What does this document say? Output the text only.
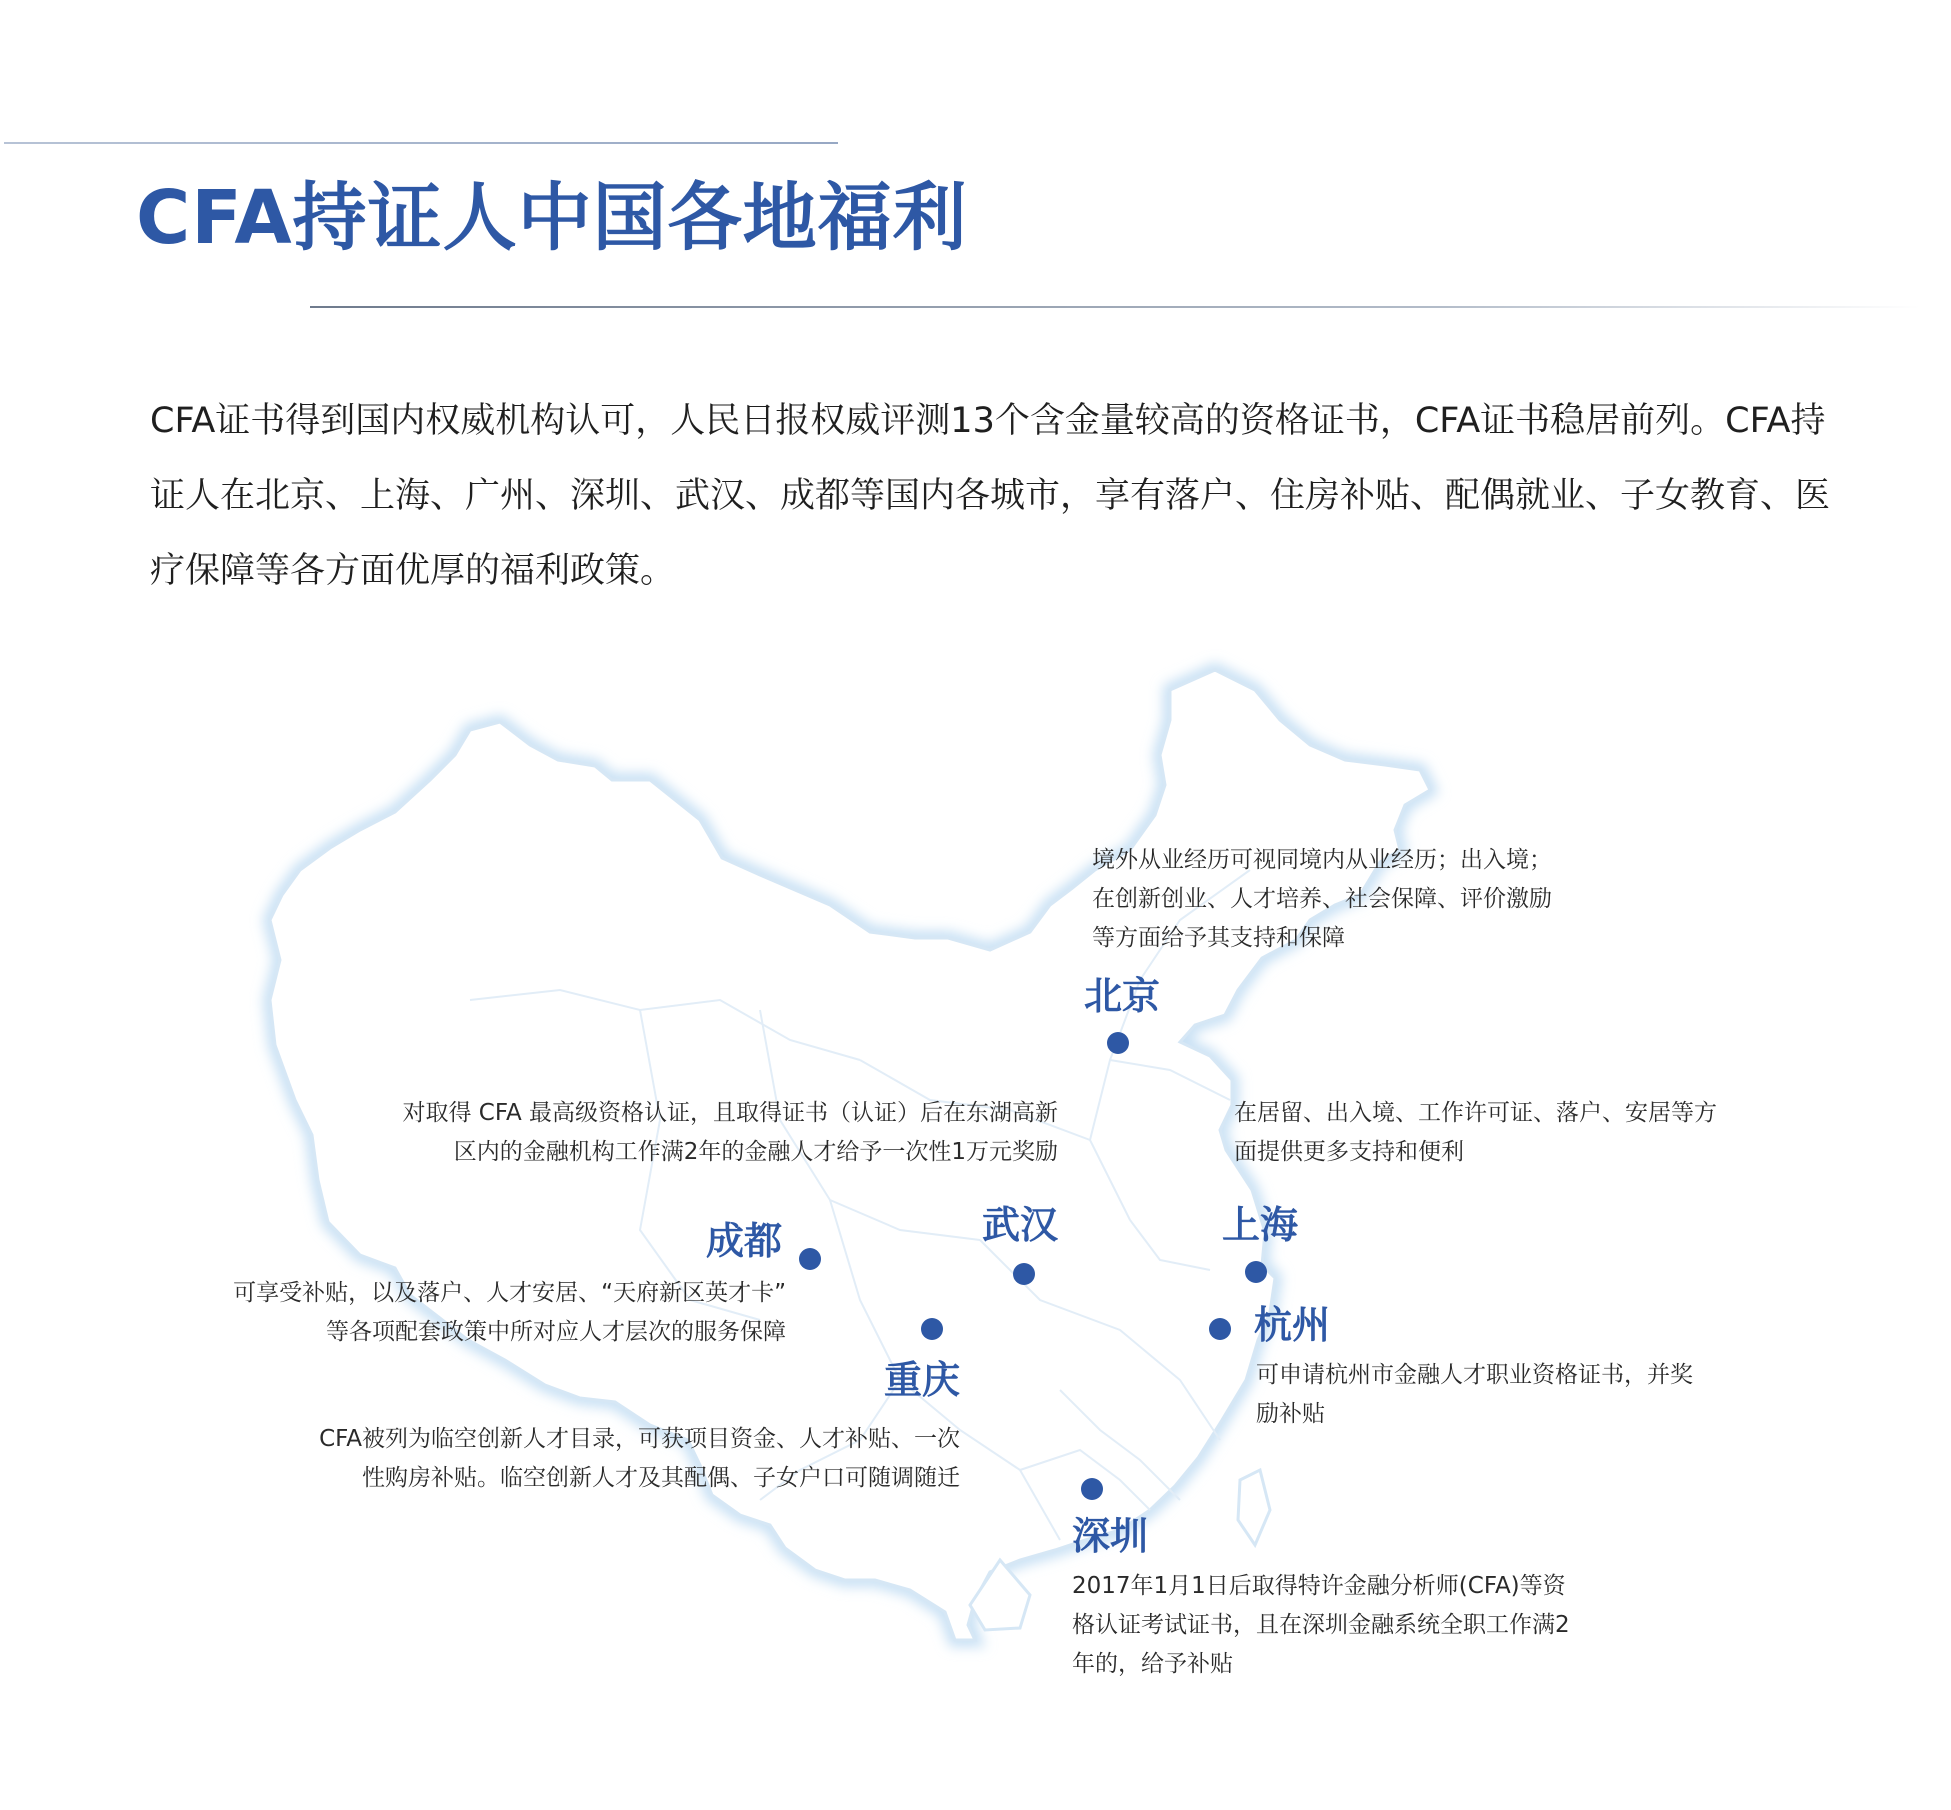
CFA持证人中国各地福利

CFA证书得到国内权威机构认可，人民日报权威评测13个含金量较高的资格证书，CFA证书稳居前列。CFA持证人在北京、上海、广州、深圳、武汉、成都等国内各城市，享有落户、住房补贴、配偶就业、子女教育、医疗保障等各方面优厚的福利政策。

北京
上海
杭州
武汉
成都
重庆
深圳
境外从业经历可视同境内从业经历；出入境；
在创新创业、人才培养、社会保障、评价激励
等方面给予其支持和保障
在居留、出入境、工作许可证、落户、安居等方
面提供更多支持和便利
对取得 CFA 最高级资格认证，且取得证书（认证）后在东湖高新
区内的金融机构工作满2年的金融人才给予一次性1万元奖励
可享受补贴，以及落户、人才安居、“天府新区英才卡”
等各项配套政策中所对应人才层次的服务保障
CFA被列为临空创新人才目录，可获项目资金、人才补贴、一次
性购房补贴。临空创新人才及其配偶、子女户口可随调随迁
可申请杭州市金融人才职业资格证书，并奖
励补贴
2017年1月1日后取得特许金融分析师(CFA)等资
格认证考试证书，且在深圳金融系统全职工作满2
年的，给予补贴
